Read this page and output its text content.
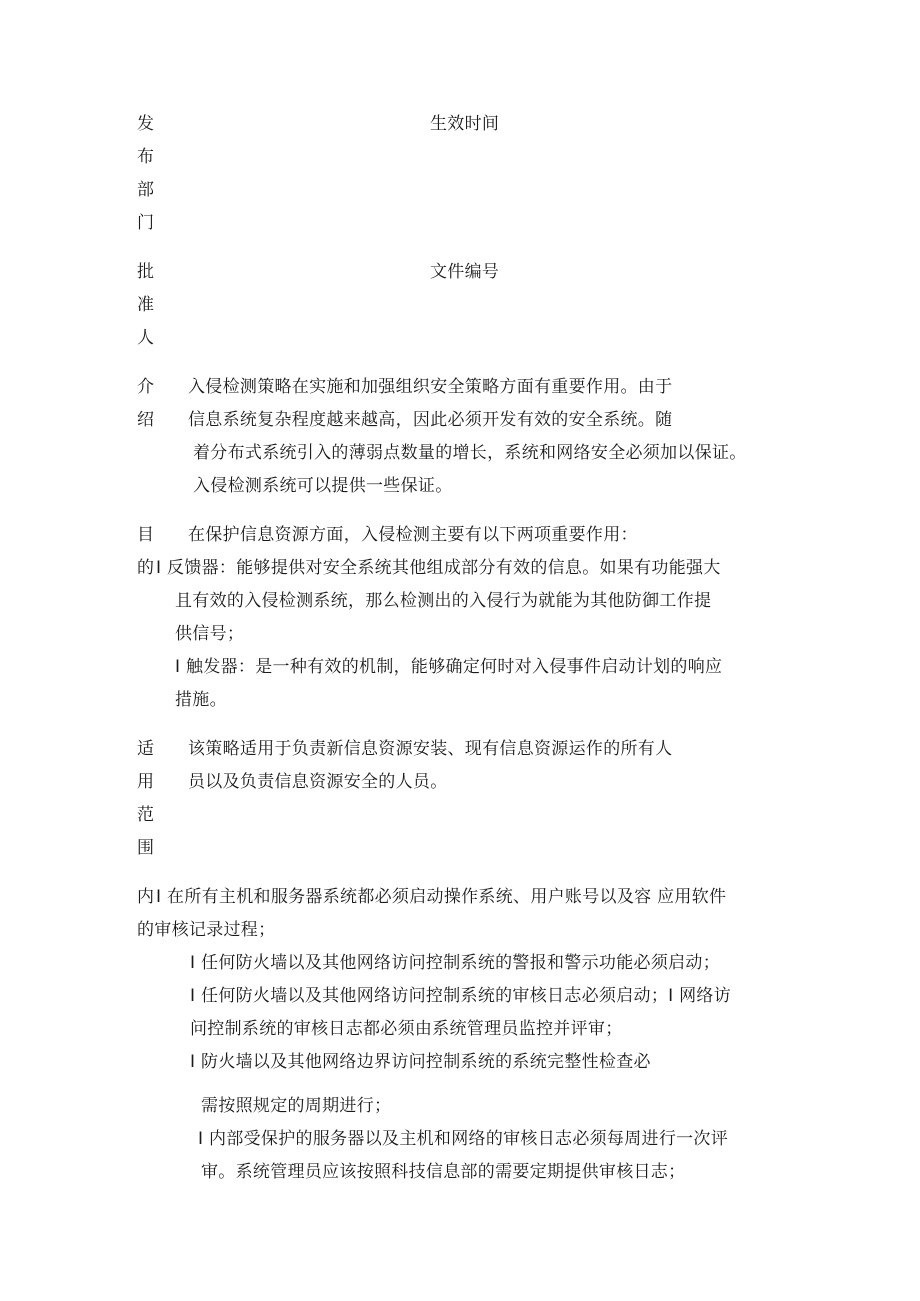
发
布
部
门
生效时间
批
准
人
文件编号
介
绍
入侵检测策略在实施和加强组织安全策略方面有重要作用。由于
信息系统复杂程度越来越高，因此必须开发有效的安全系统。随
着分布式系统引入的薄弱点数量的增长，系统和网络安全必须加以保证。
入侵检测系统可以提供一些保证。
目
的
在保护信息资源方面，入侵检测主要有以下两项重要作用：
I 反馈器：能够提供对安全系统其他组成部分有效的信息。如果有功能强大
且有效的入侵检测系统，那么检测出的入侵行为就能为其他防御工作提
供信号；
I 触发器：是一种有效的机制，能够确定何时对入侵事件启动计划的响应
措施。
适
用
范
围
该策略适用于负责新信息资源安装、现有信息资源运作的所有人
员以及负责信息资源安全的人员。
内 I 在所有主机和服务器系统都必须启动操作系统、用户账号以及容 应用软件
的审核记录过程；
I 任何防火墙以及其他网络访问控制系统的警报和警示功能必须启动；
I 任何防火墙以及其他网络访问控制系统的审核日志必须启动；I 网络访
问控制系统的审核日志都必须由系统管理员监控并评审；
I 防火墙以及其他网络边界访问控制系统的系统完整性检查必
需按照规定的周期进行；
I 内部受保护的服务器以及主机和网络的审核日志必须每周进行一次评
审。系统管理员应该按照科技信息部的需要定期提供审核日志；
